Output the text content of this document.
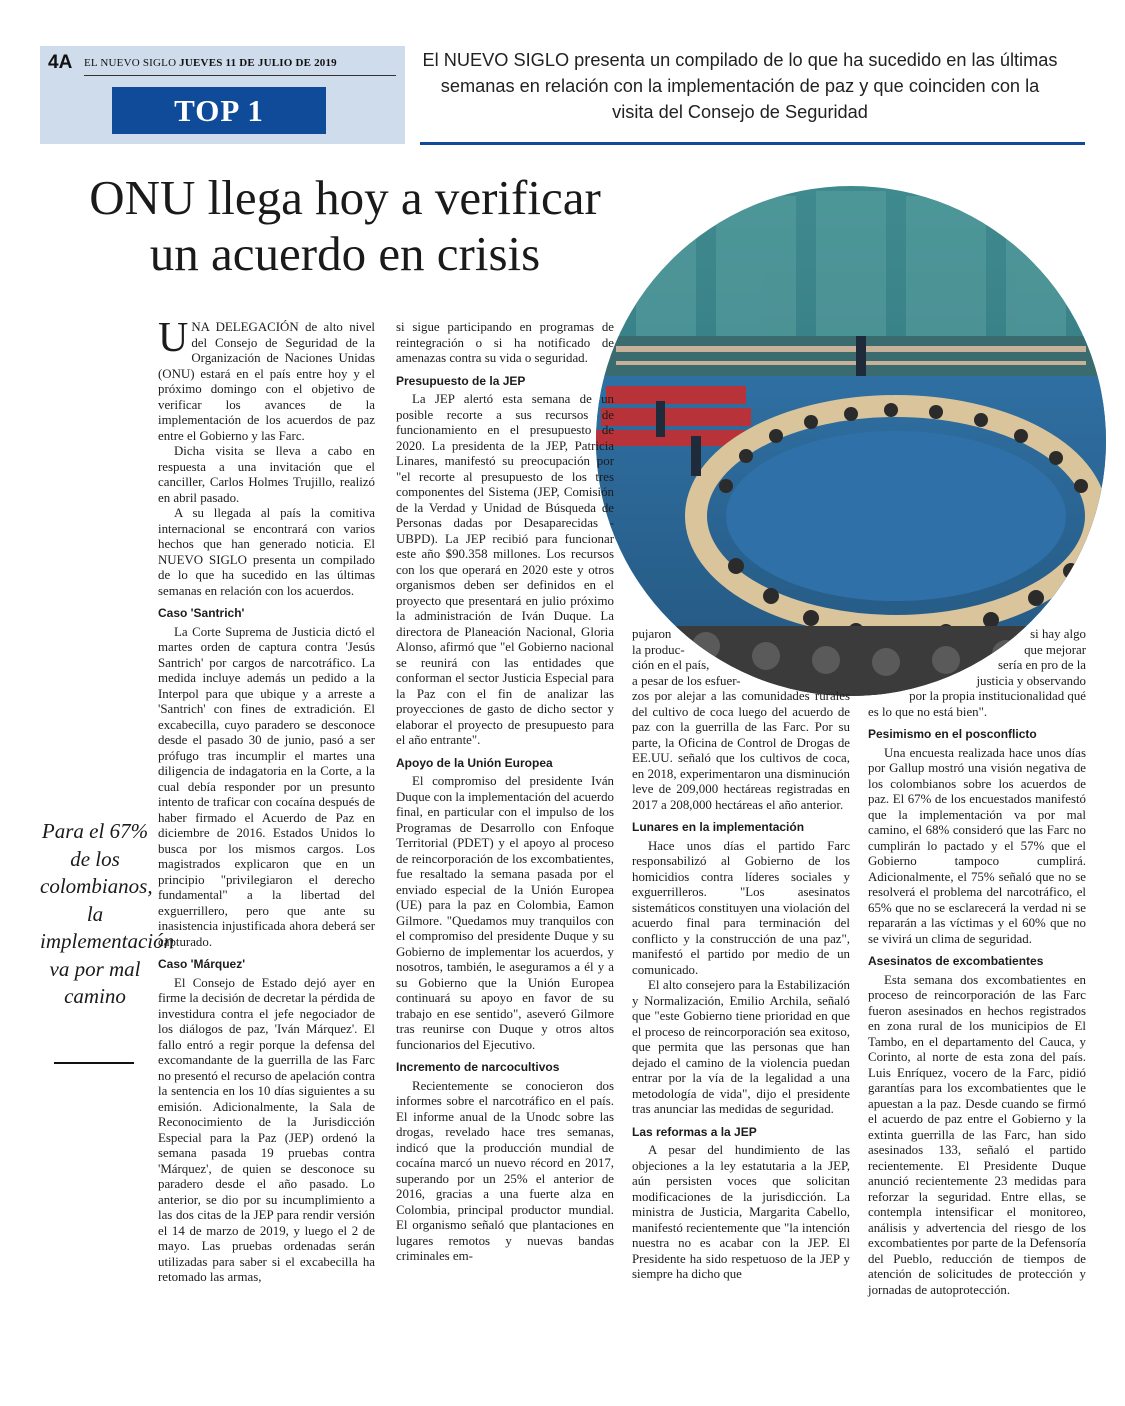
4A EL NUEVO SIGLO JUEVES 11 DE JULIO DE 2019
TOP 1
El NUEVO SIGLO presenta un compilado de lo que ha sucedido en las últimas semanas en relación con la implementación de paz y que coinciden con la visita del Consejo de Seguridad
ONU llega hoy a verificar
un acuerdo en crisis
Para el 67% de los colombianos, la implementación va por mal camino

UNA DELEGACIÓN de alto nivel del Consejo de Seguridad de la Organización de Naciones Unidas (ONU) estará en el país entre hoy y el próximo domingo con el objetivo de verificar los avances de la implementación de los acuerdos de paz entre el Gobierno y las Farc.

Dicha visita se lleva a cabo en respuesta a una invitación que el canciller, Carlos Holmes Trujillo, realizó en abril pasado.

A su llegada al país la comitiva internacional se encontrará con varios hechos que han generado noticia. El NUEVO SIGLO presenta un compilado de lo que ha sucedido en las últimas semanas en relación con los acuerdos.

Caso 'Santrich'

La Corte Suprema de Justicia dictó el martes orden de captura contra 'Jesús Santrich' por cargos de narcotráfico. La medida incluye además un pedido a la Interpol para que ubique y a arreste a 'Santrich' con fines de extradición. El excabecilla, cuyo paradero se desconoce desde el pasado 30 de junio, pasó a ser prófugo tras incumplir el martes una diligencia de indagatoria en la Corte, a la cual debía responder por un presunto intento de traficar con cocaína después de haber firmado el Acuerdo de Paz en diciembre de 2016. Estados Unidos lo busca por los mismos cargos. Los magistrados explicaron que en un principio "privilegiaron el derecho fundamental" a la libertad del exguerrillero, pero que ante su inasistencia injustificada ahora deberá ser capturado.

Caso 'Márquez'

El Consejo de Estado dejó ayer en firme la decisión de decretar la pérdida de investidura contra el jefe negociador de los diálogos de paz, 'Iván Márquez'. El fallo entró a regir porque la defensa del excomandante de la guerrilla de las Farc no presentó el recurso de apelación contra la sentencia en los 10 días siguientes a su emisión. Adicionalmente, la Sala de Reconocimiento de la Jurisdicción Especial para la Paz (JEP) ordenó la semana pasada 19 pruebas contra 'Márquez', de quien se desconoce su paradero desde el año pasado. Lo anterior, se dio por su incumplimiento a las dos citas de la JEP para rendir versión el 14 de marzo de 2019, y luego el 2 de mayo. Las pruebas ordenadas serán utilizadas para saber si el excabecilla ha retomado las armas,

si sigue participando en programas de reintegración o si ha notificado de amenazas contra su vida o seguridad.

Presupuesto de la JEP

La JEP alertó esta semana de un posible recorte a sus recursos de funcionamiento en el presupuesto de 2020. La presidenta de la JEP, Patricia Linares, manifestó su preocupación por "el recorte al presupuesto de los tres componentes del Sistema (JEP, Comisión de la Verdad y Unidad de Búsqueda de Personas dadas por Desaparecidas - UBPD). La JEP recibió para funcionar este año $90.358 millones. Los recursos con los que operará en 2020 este y otros organismos deben ser definidos en el proyecto que presentará en julio próximo la administración de Iván Duque. La directora de Planeación Nacional, Gloria Alonso, afirmó que "el Gobierno nacional se reunirá con las entidades que conforman el sector Justicia Especial para la Paz con el fin de analizar las proyecciones de gasto de dicho sector y elaborar el proyecto de presupuesto para el año entrante".

Apoyo de la Unión Europea

El compromiso del presidente Iván Duque con la implementación del acuerdo final, en particular con el impulso de los Programas de Desarrollo con Enfoque Territorial (PDET) y el apoyo al proceso de reincorporación de los excombatientes, fue resaltado la semana pasada por el enviado especial de la Unión Europea (UE) para la paz en Colombia, Eamon Gilmore. "Quedamos muy tranquilos con el compromiso del presidente Duque y su Gobierno de implementar los acuerdos, y nosotros, también, le aseguramos a él y a su Gobierno que la Unión Europea continuará su apoyo en favor de su trabajo en ese sentido", aseveró Gilmore tras reunirse con Duque y otros altos funcionarios del Ejecutivo.

Incremento de narcocultivos

Recientemente se conocieron dos informes sobre el narcotráfico en el país. El informe anual de la Unodc sobre las drogas, revelado hace tres semanas, indicó que la producción mundial de cocaína marcó un nuevo récord en 2017, superando por un 25% el anterior de 2016, gracias a una fuerte alza en Colombia, principal productor mundial. El organismo señaló que plantaciones en lugares remotos y nuevas bandas criminales em-

pujaron
la produc-
ción en el país,
a pesar de los esfuer-

zos por alejar a las comunidades rurales del cultivo de coca luego del acuerdo de paz con la guerrilla de las Farc. Por su parte, la Oficina de Control de Drogas de EE.UU. señaló que los cultivos de coca, en 2018, experimentaron una disminución leve de 209,000 hectáreas registradas en 2017 a 208,000 hectáreas el año anterior.

Lunares en la implementación

Hace unos días el partido Farc responsabilizó al Gobierno de los homicidios contra líderes sociales y exguerrilleros. "Los asesinatos sistemáticos constituyen una violación del acuerdo final para terminación del conflicto y la construcción de una paz", manifestó el partido por medio de un comunicado.

El alto consejero para la Estabilización y Normalización, Emilio Archila, señaló que "este Gobierno tiene prioridad en que el proceso de reincorporación sea exitoso, que permita que las personas que han dejado el camino de la violencia puedan entrar por la vía de la legalidad a una metodología de vida", dijo el presidente tras anunciar las medidas de seguridad.

Las reformas a la JEP

A pesar del hundimiento de las objeciones a la ley estatutaria a la JEP, aún persisten voces que solicitan modificaciones de la jurisdicción. La ministra de Justicia, Margarita Cabello, manifestó recientemente que "la intención nuestra no es acabar con la JEP. El Presidente ha sido respetuoso de la JEP y siempre ha dicho que

si hay algo
que mejorar
sería en pro de la
justicia y observando
por la propia institucionalidad qué

es lo que no está bien".

Pesimismo en el posconflicto

Una encuesta realizada hace unos días por Gallup mostró una visión negativa de los colombianos sobre los acuerdos de paz. El 67% de los encuestados manifestó que la implementación va por mal camino, el 68% consideró que las Farc no cumplirán lo pactado y el 57% que el Gobierno tampoco cumplirá. Adicionalmente, el 75% señaló que no se resolverá el problema del narcotráfico, el 65% que no se esclarecerá la verdad ni se repararán a las víctimas y el 60% que no se vivirá un clima de seguridad.

Asesinatos de excombatientes

Esta semana dos excombatientes en proceso de reincorporación de las Farc fueron asesinados en hechos registrados en zona rural de los municipios de El Tambo, en el departamento del Cauca, y Corinto, al norte de esta zona del país. Luis Enríquez, vocero de la Farc, pidió garantías para los excombatientes que le apuestan a la paz. Desde cuando se firmó el acuerdo de paz entre el Gobierno y la extinta guerrilla de las Farc, han sido asesinados 133, señaló el partido recientemente. El Presidente Duque anunció recientemente 23 medidas para reforzar la seguridad. Entre ellas, se contempla intensificar el monitoreo, análisis y advertencia del riesgo de los excombatientes por parte de la Defensoría del Pueblo, reducción de tiempos de atención de solicitudes de protección y jornadas de autoprotección.
